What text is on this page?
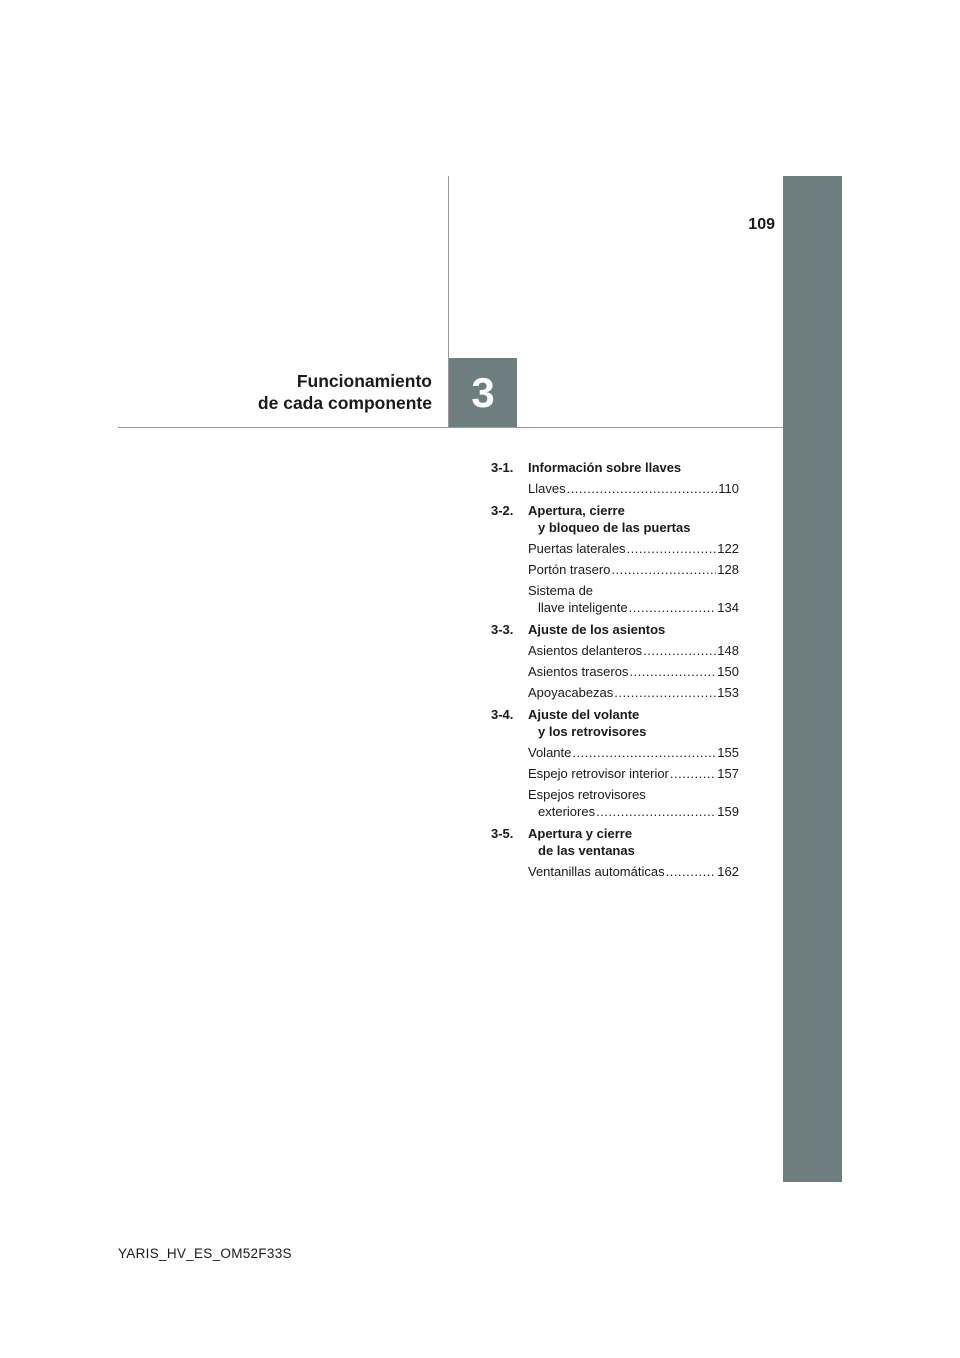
109
3
Funcionamiento
de cada componente
3-1. Información sobre llaves
Llaves .....	110
3-2. Apertura, cierre
y bloqueo de las puertas
Puertas laterales .....	122
Portón trasero .....	128
Sistema de
llave inteligente .....	134
3-3. Ajuste de los asientos
Asientos delanteros .....	148
Asientos traseros .....	150
Apoyacabezas .....	153
3-4. Ajuste del volante
y los retrovisores
Volante .....	155
Espejo retrovisor interior .....	157
Espejos retrovisores
exteriores .....	159
3-5. Apertura y cierre
de las ventanas
Ventanillas automáticas .....	162
YARIS_HV_ES_OM52F33S
